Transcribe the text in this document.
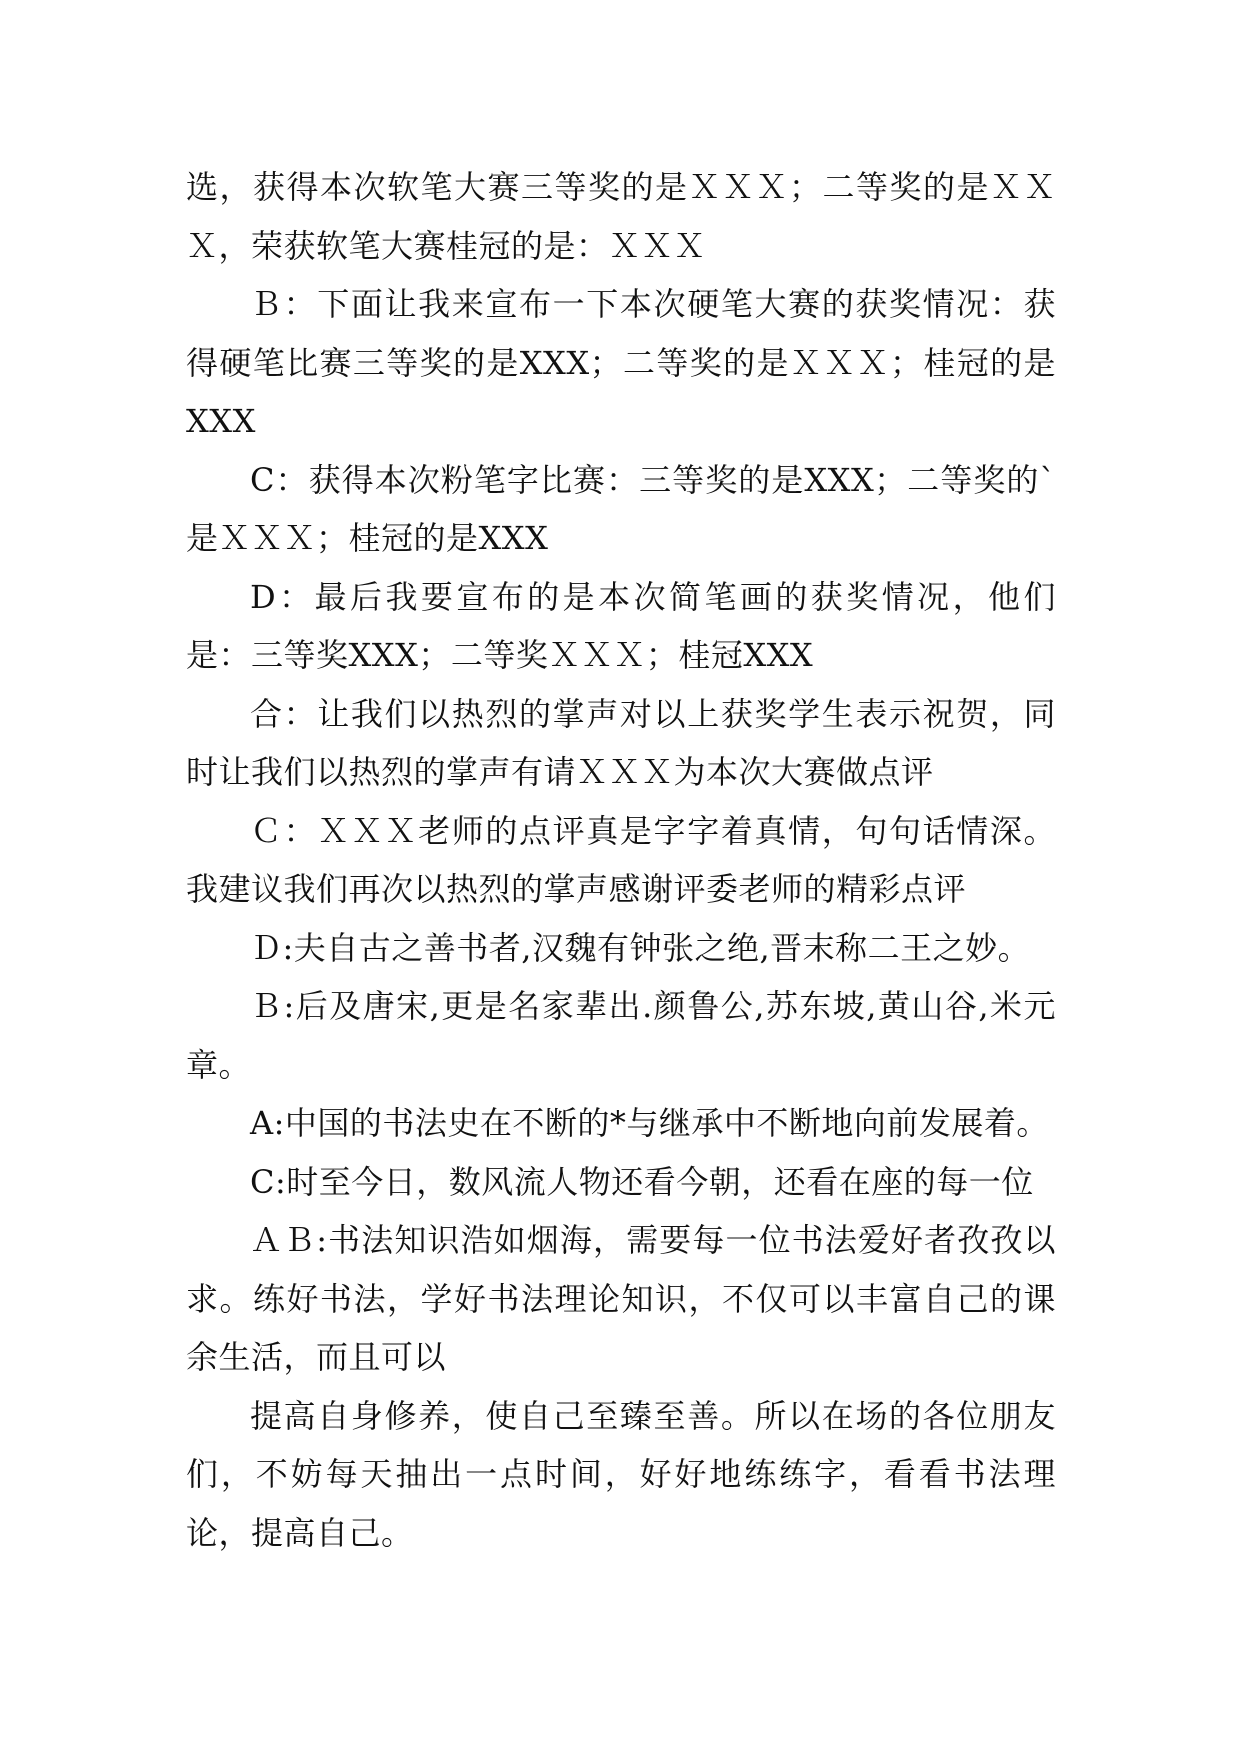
选，获得本次软笔大赛三等奖的是ＸＸＸ；二等奖的是ＸＸＸ，荣获软笔大赛桂冠的是：ＸＸＸ

Ｂ：下面让我来宣布一下本次硬笔大赛的获奖情况：获得硬笔比赛三等奖的是XXX；二等奖的是ＸＸＸ；桂冠的是XXX

C：获得本次粉笔字比赛：三等奖的是XXX；二等奖的`是ＸＸＸ；桂冠的是XXX

D：最后我要宣布的是本次简笔画的获奖情况，他们是：三等奖XXX；二等奖ＸＸＸ；桂冠XXX

合：让我们以热烈的掌声对以上获奖学生表示祝贺，同时让我们以热烈的掌声有请ＸＸＸ为本次大赛做点评

Ｃ：ＸＸＸ老师的点评真是字字着真情，句句话情深。我建议我们再次以热烈的掌声感谢评委老师的精彩点评

Ｄ:夫自古之善书者,汉魏有钟张之绝,晋末称二王之妙。

Ｂ:后及唐宋,更是名家辈出.颜鲁公,苏东坡,黄山谷,米元章。

A:中国的书法史在不断的*与继承中不断地向前发展着。

C:时至今日，数风流人物还看今朝，还看在座的每一位

ＡＢ:书法知识浩如烟海，需要每一位书法爱好者孜孜以求。练好书法，学好书法理论知识，不仅可以丰富自己的课余生活，而且可以

提高自身修养，使自己至臻至善。所以在场的各位朋友们，不妨每天抽出一点时间，好好地练练字，看看书法理论，提高自己。
